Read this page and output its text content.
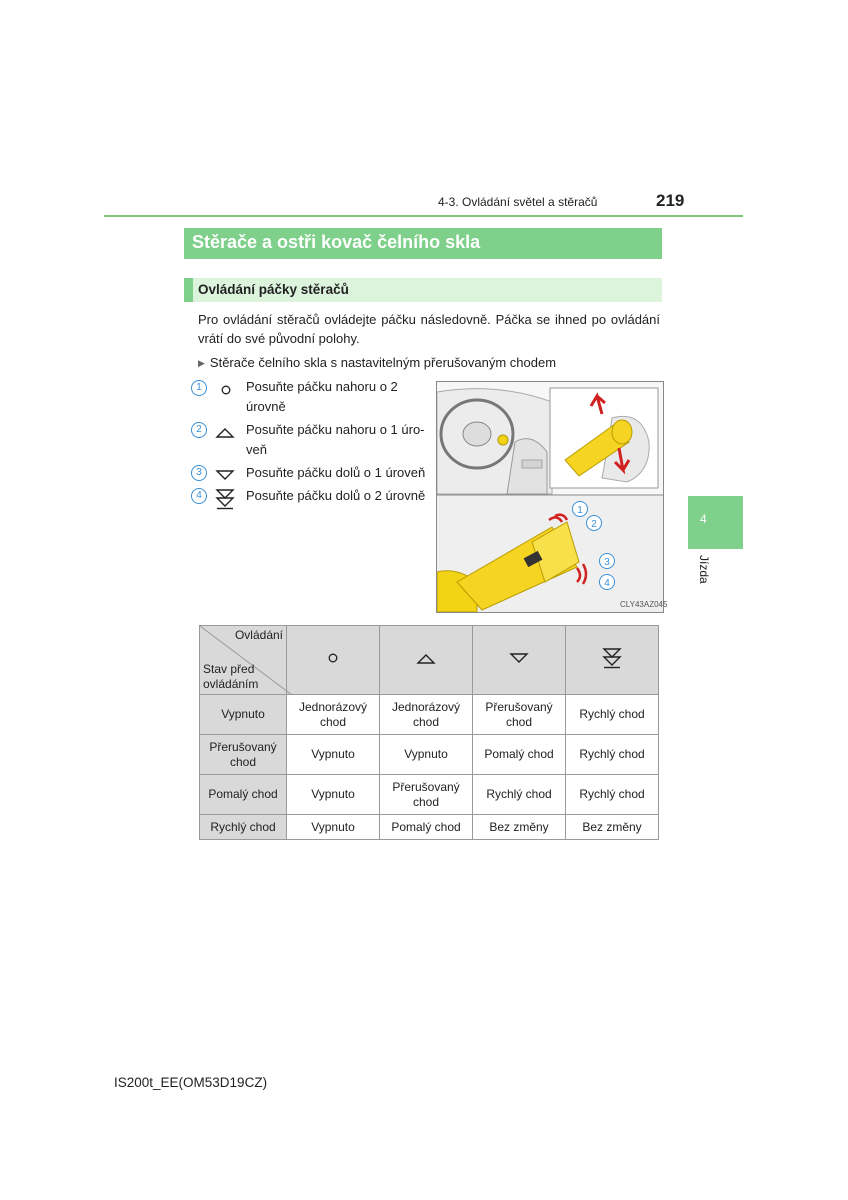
4-3. Ovládání světel a stěračů	219
4
Jízda
Stěrače a ostři kovač čelního skla
Ovládání páčky stěračů
Pro ovládání stěračů ovládejte páčku následovně. Páčka se ihned po ovládání vrátí do své původní polohy.
▶ Stěrače čelního skla s nastavitelným přerušovaným chodem
1	Posuňte páčku nahoru o 2
úrovně
2	Posuňte páčku nahoru o 1 úro-
veň
3	Posuňte páčku dolů o 1 úroveň
4	Posuňte páčku dolů o 2 úrovně
1
2
3
4
CLY43AZ045
Ovládání
Stav před
ovládáním

Vypnuto	Jednorázový chod	Jednorázový chod	Přerušovaný chod	Rychlý chod
Přerušovaný chod	Vypnuto	Vypnuto	Pomalý chod	Rychlý chod
Pomalý chod	Vypnuto	Přerušovaný chod	Rychlý chod	Rychlý chod
Rychlý chod	Vypnuto	Pomalý chod	Bez změny	Bez změny
IS200t_EE(OM53D19CZ)
